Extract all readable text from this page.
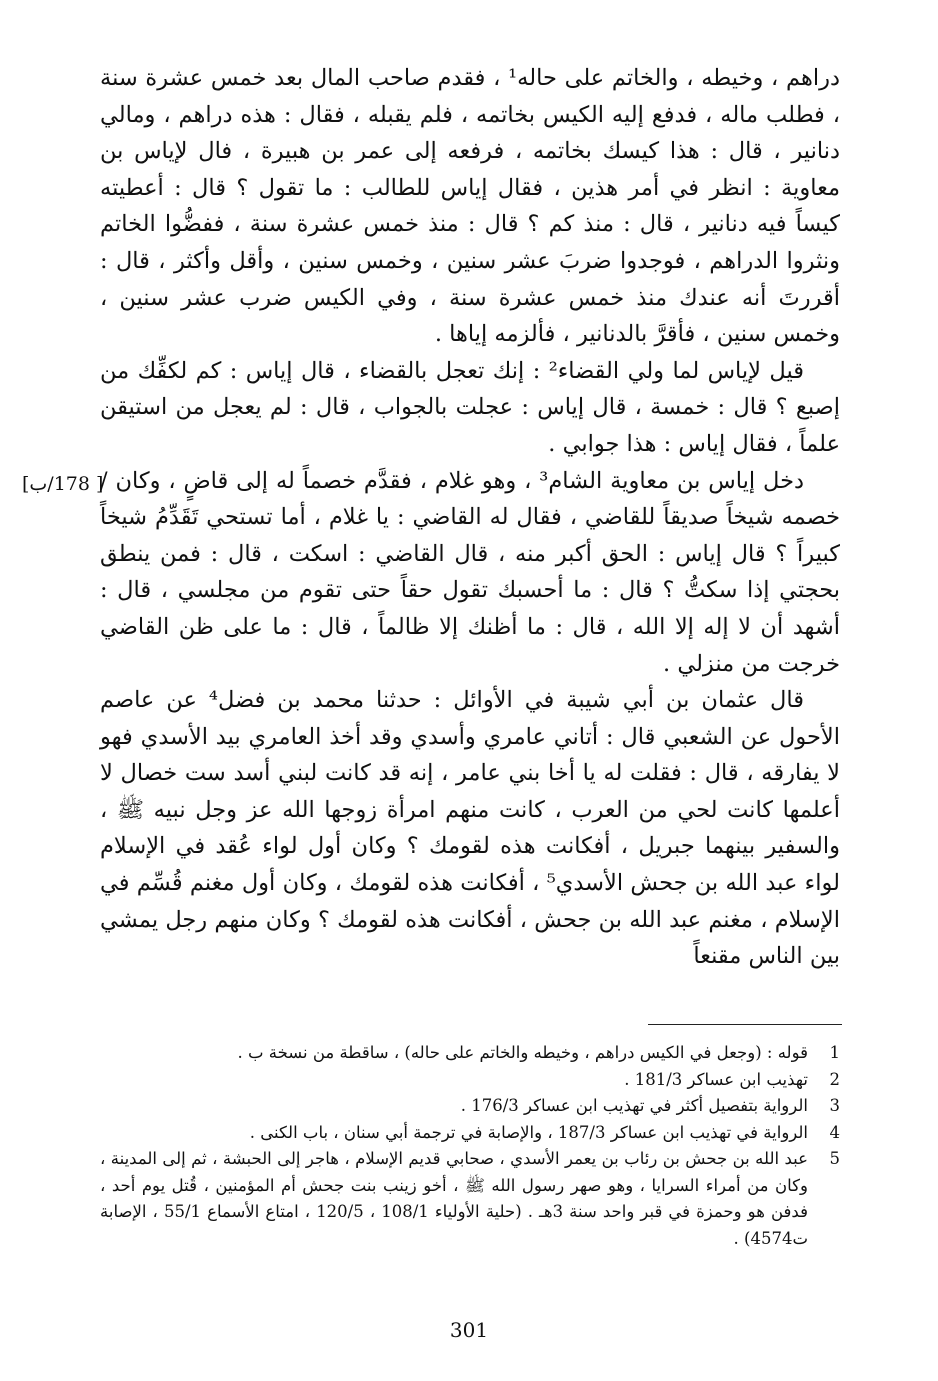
دراهم ، وخيطه ، والخاتم على حاله¹ ، فقدم صاحب المال بعد خمس عشرة سنة ، فطلب ماله ، فدفع إليه الكيس بخاتمه ، فلم يقبله ، فقال : هذه دراهم ، ومالي دنانير ، قال : هذا كيسك بخاتمه ، فرفعه إلى عمر بن هبيرة ، فال لإياس بن معاوية : انظر في أمر هذين ، فقال إياس للطالب : ما تقول ؟ قال : أعطيته كيساً فيه دنانير ، قال : منذ كم ؟ قال : منذ خمس عشرة سنة ، ففضُّوا الخاتم ونثروا الدراهم ، فوجدوا ضربَ عشر سنين ، وخمس سنين ، وأقل وأكثر ، قال : أقررتَ أنه عندك منذ خمس عشرة سنة ، وفي الكيس ضرب عشر سنين ، وخمس سنين ، فأقرَّ بالدنانير ، فألزمه إياها .

قيل لإياس لما ولي القضاء² : إنك تعجل بالقضاء ، قال إياس : كم لكفِّك من إصبع ؟ قال : خمسة ، قال إياس : عجلت بالجواب ، قال : لم يعجل من استيقن علماً ، فقال إياس : هذا جوابي .

دخل إياس بن معاوية الشام³ ، وهو غلام ، فقدَّم خصماً له إلى قاضٍ ، وكان / خصمه شيخاً صديقاً للقاضي ، فقال له القاضي : يا غلام ، أما تستحي تَقَدِّمُ شيخاً كبيراً ؟ قال إياس : الحق أكبر منه ، قال القاضي : اسكت ، قال : فمن ينطق بحجتي إذا سكتُّ ؟ قال : ما أحسبك تقول حقاً حتى تقوم من مجلسي ، قال : أشهد أن لا إله إلا الله ، قال : ما أظنك إلا ظالماً ، قال : ما على ظن القاضي خرجت من منزلي .

قال عثمان بن أبي شيبة في الأوائل : حدثنا محمد بن فضل⁴ عن عاصم الأحول عن الشعبي قال : أتاني عامري وأسدي وقد أخذ العامري بيد الأسدي فهو لا يفارقه ، قال : فقلت له يا أخا بني عامر ، إنه قد كانت لبني أسد ست خصال لا أعلمها كانت لحي من العرب ، كانت منهم امرأة زوجها الله عز وجل نبيه ﷺ ، والسفير بينهما جبريل ، أفكانت هذه لقومك ؟ وكان أول لواء عُقد في الإسلام لواء عبد الله بن جحش الأسدي⁵ ، أفكانت هذه لقومك ، وكان أول مغنم قُسِّم في الإسلام ، مغنم عبد الله بن جحش ، أفكانت هذه لقومك ؟ وكان منهم رجل يمشي بين الناس مقنعاً

[ 178/ب]
1
قوله : (وجعل في الكيس دراهم ، وخيطه والخاتم على حاله) ، ساقطة من نسخة ب .
2
تهذيب ابن عساكر 181/3 .
3
الرواية بتفصيل أكثر في تهذيب ابن عساكر 176/3 .
4
الرواية في تهذيب ابن عساكر 187/3 ، والإصابة في ترجمة أبي سنان ، باب الكنى .
5
عبد الله بن جحش بن رئاب بن يعمر الأسدي ، صحابي قديم الإسلام ، هاجر إلى الحبشة ، ثم إلى المدينة ، وكان من أمراء السرايا ، وهو صهر رسول الله ﷺ ، أخو زينب بنت جحش أم المؤمنين ، قُتل يوم أحد ، فدفن هو وحمزة في قبر واحد سنة 3هـ . (حلية الأولياء 108/1 ، 120/5 ، امتاع الأسماع 55/1 ، الإصابة ت4574) .
301
